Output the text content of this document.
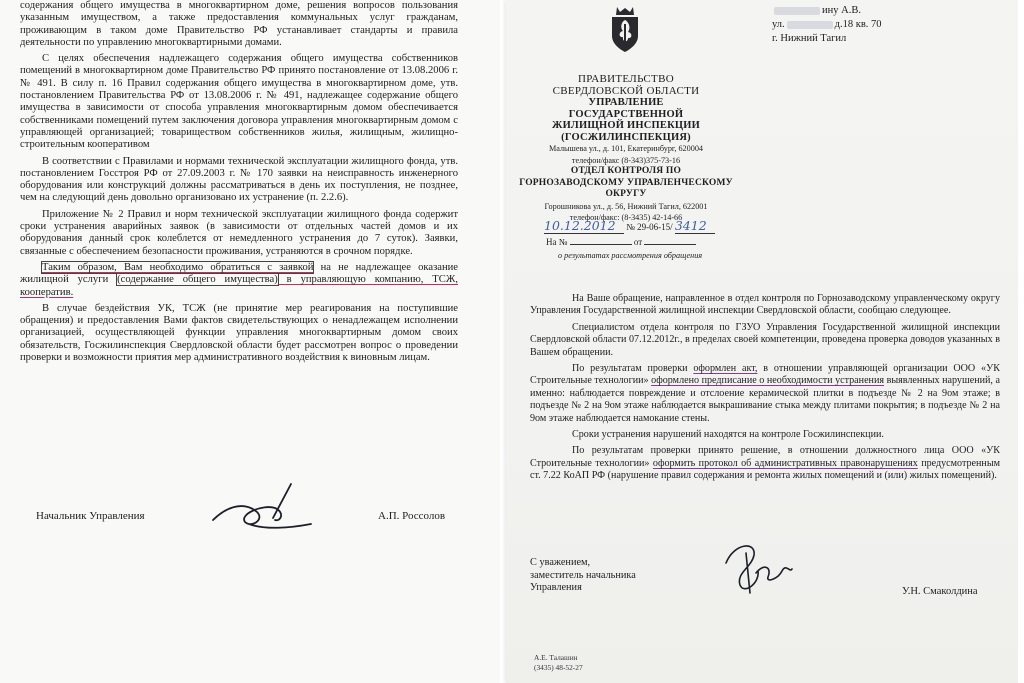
содержания общего имущества в многоквартирном доме, решения вопросов пользования указанным имуществом, а также предоставления коммунальных услуг гражданам, проживающим в таком доме Правительство РФ устанавливает стандарты и правила деятельности по управлению многоквартирными домами.

С целях обеспечения надлежащего содержания общего имущества собственников помещений в многоквартирном доме Правительство РФ принято постановление от 13.08.2006 г. № 491. В силу п. 16 Правил содержания общего имущества в многоквартирном доме, утв. постановлением Правительства РФ от 13.08.2006 г. № 491, надлежащее содержание общего имущества в зависимости от способа управления многоквартирным домом обеспечивается собственниками помещений путем заключения договора управления многоквартирным домом с управляющей организацией; товариществом собственников жилья, жилищным, жилищно-строительным кооперативом

В соответствии с Правилами и нормами технической эксплуатации жилищного фонда, утв. постановлением Госстроя РФ от 27.09.2003 г. № 170 заявки на неисправность инженерного оборудования или конструкций должны рассматриваться в день их поступления, не позднее, чем на следующий день довольно организовано их устранение (п. 2.2.6).

Приложение № 2 Правил и норм технической эксплуатации жилищного фонда содержит сроки устранения аварийных заявок (в зависимости от отдельных частей домов и их оборудования данный срок колеблется от немедленного устранения до 7 суток). Заявки, связанные с обеспечением безопасности проживания, устраняются в срочном порядке.

Таким образом, Вам необходимо обратиться с заявкой на не надлежащее оказание жилищной услуги (содержание общего имущества) в управляющую компанию, ТСЖ, кооператив.

В случае бездействия УК, ТСЖ (не принятие мер реагирования на поступившие обращения) и предоставления Вами фактов свидетельствующих о ненадлежащем исполнении организацией, осуществляющей функции управления многоквартирным домом своих обязательств, Госжилинспекция Свердловской области будет рассмотрен вопрос о проведении проверки и возможности приятия мер административного воздействия к виновным лицам.

Начальник Управления	А.П. Россолов
ину А.В.
ул.	д.18 кв. 70
г. Нижний Тагил
ПРАВИТЕЛЬСТВО
СВЕРДЛОВСКОЙ ОБЛАСТИ
УПРАВЛЕНИЕ
ГОСУДАРСТВЕННОЙ
ЖИЛИЩНОЙ ИНСПЕКЦИИ
(ГОСЖИЛИНСПЕКЦИЯ)
Малышева ул., д. 101, Екатеринбург, 620004
телефон/факс (8-343)375-73-16
ОТДЕЛ КОНТРОЛЯ ПО
ГОРНОЗАВОДСКОМУ УПРАВЛЕНЧЕСКОМУ ОКРУГУ
Горошникова ул., д. 56, Нижний Тагил, 622001
телефон/факс: (8-3435) 42-14-66
10.12.2012 № 29-06-15/ 3412
На №	от
о результатах рассмотрения обращения

На Ваше обращение, направленное в отдел контроля по Горнозаводскому управленческому округу Управления Государственной жилищной инспекции Свердловской области, сообщаю следующее.

Специалистом отдела контроля по ГЗУО Управления Государственной жилищной инспекции Свердловской области 07.12.2012г., в пределах своей компетенции, проведена проверка доводов указанных в Вашем обращении.

По результатам проверки оформлен акт, в отношении управляющей организации ООО «УК Строительные технологии» оформлено предписание о необходимости устранения выявленных нарушений, а именно: наблюдается повреждение и отслоение керамической плитки в подъезде № 2 на 9ом этаже; в подъезде № 2 на 9ом этаже наблюдается выкрашивание стыка между плитами покрытия; в подъезде № 2 на 9ом этаже наблюдается намокание стены.

Сроки устранения нарушений находятся на контроле Госжилинспекции.

По результатам проверки принято решение, в отношении должностного лица ООО «УК Строительные технологии» оформить протокол об административных правонарушениях предусмотренным ст. 7.22 КоАП РФ (нарушение правил содержания и ремонта жилых помещений и (или) жилых помещений).

С уважением,
заместитель начальника
Управления	У.Н. Смаколдина
А.Е. Талашин
(3435) 48-52-27
